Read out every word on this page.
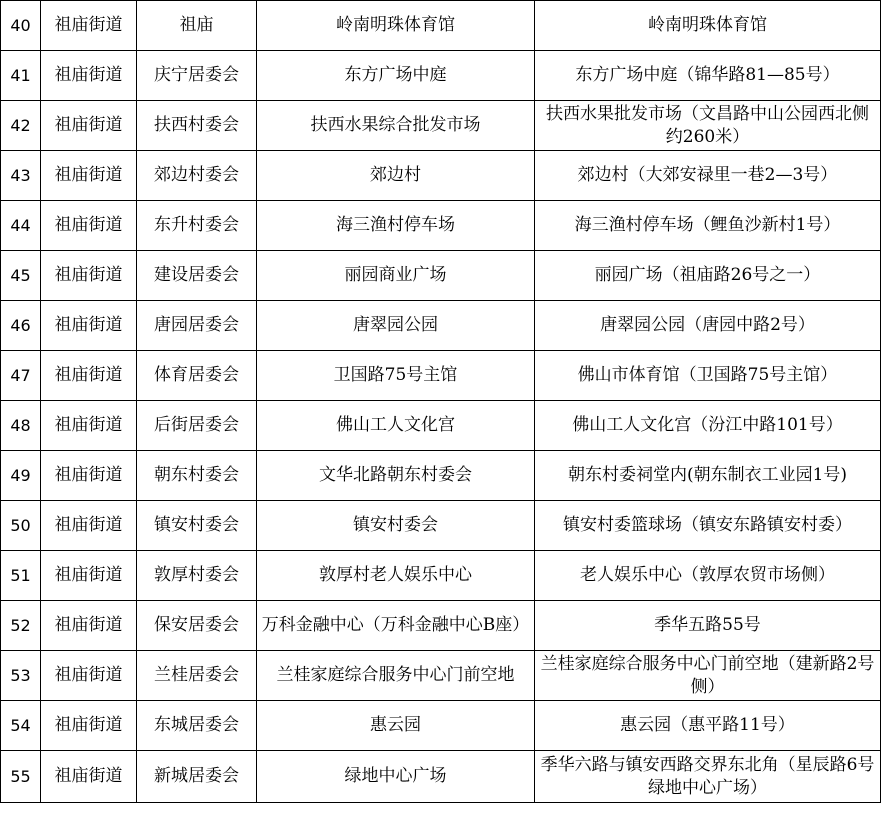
40	祖庙街道	祖庙	岭南明珠体育馆	岭南明珠体育馆
41	祖庙街道	庆宁居委会	东方广场中庭	东方广场中庭（锦华路81—85号）
42	祖庙街道	扶西村委会	扶西水果综合批发市场	扶西水果批发市场（文昌路中山公园西北侧约260米）
43	祖庙街道	郊边村委会	郊边村	郊边村（大郊安禄里一巷2—3号）
44	祖庙街道	东升村委会	海三渔村停车场	海三渔村停车场（鲤鱼沙新村1号）
45	祖庙街道	建设居委会	丽园商业广场	丽园广场（祖庙路26号之一）
46	祖庙街道	唐园居委会	唐翠园公园	唐翠园公园（唐园中路2号）
47	祖庙街道	体育居委会	卫国路75号主馆	佛山市体育馆（卫国路75号主馆）
48	祖庙街道	后街居委会	佛山工人文化宫	佛山工人文化宫（汾江中路101号）
49	祖庙街道	朝东村委会	文华北路朝东村委会	朝东村委祠堂内(朝东制衣工业园1号)
50	祖庙街道	镇安村委会	镇安村委会	镇安村委篮球场（镇安东路镇安村委）
51	祖庙街道	敦厚村委会	敦厚村老人娱乐中心	老人娱乐中心（敦厚农贸市场侧）
52	祖庙街道	保安居委会	万科金融中心（万科金融中心B座）	季华五路55号
53	祖庙街道	兰桂居委会	兰桂家庭综合服务中心门前空地	兰桂家庭综合服务中心门前空地（建新路2号侧）
54	祖庙街道	东城居委会	惠云园	惠云园（惠平路11号）
55	祖庙街道	新城居委会	绿地中心广场	季华六路与镇安西路交界东北角（星辰路6号绿地中心广场）
